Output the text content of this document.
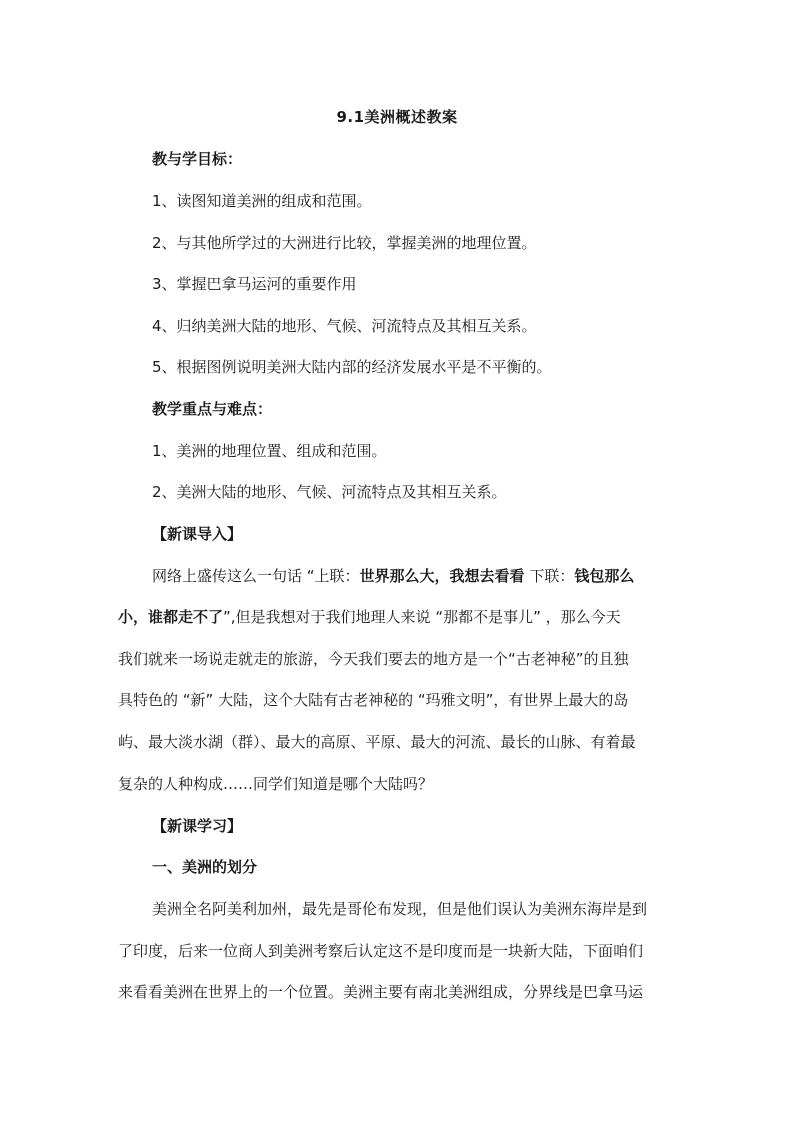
9.1美洲概述教案
教与学目标：
1、读图知道美洲的组成和范围。
2、与其他所学过的大洲进行比较，掌握美洲的地理位置。
3、掌握巴拿马运河的重要作用
4、归纳美洲大陆的地形、气候、河流特点及其相互关系。
5、根据图例说明美洲大陆内部的经济发展水平是不平衡的。
教学重点与难点：
1、美洲的地理位置、组成和范围。
2、美洲大陆的地形、气候、河流特点及其相互关系。
【新课导入】
网络上盛传这么一句话 “上联：世界那么大，我想去看看 下联：钱包那么
小，谁都走不了”,但是我想对于我们地理人来说 “那都不是事儿” ，那么今天
我们就来一场说走就走的旅游，今天我们要去的地方是一个“古老神秘”的且独
具特色的 “新” 大陆，这个大陆有古老神秘的 “玛雅文明”，有世界上最大的岛
屿、最大淡水湖（群）、最大的高原、平原、最大的河流、最长的山脉、有着最
复杂的人种构成……同学们知道是哪个大陆吗？
【新课学习】
一、美洲的划分
美洲全名阿美利加州，最先是哥伦布发现，但是他们误认为美洲东海岸是到
了印度，后来一位商人到美洲考察后认定这不是印度而是一块新大陆，下面咱们
来看看美洲在世界上的一个位置。美洲主要有南北美洲组成，分界线是巴拿马运
